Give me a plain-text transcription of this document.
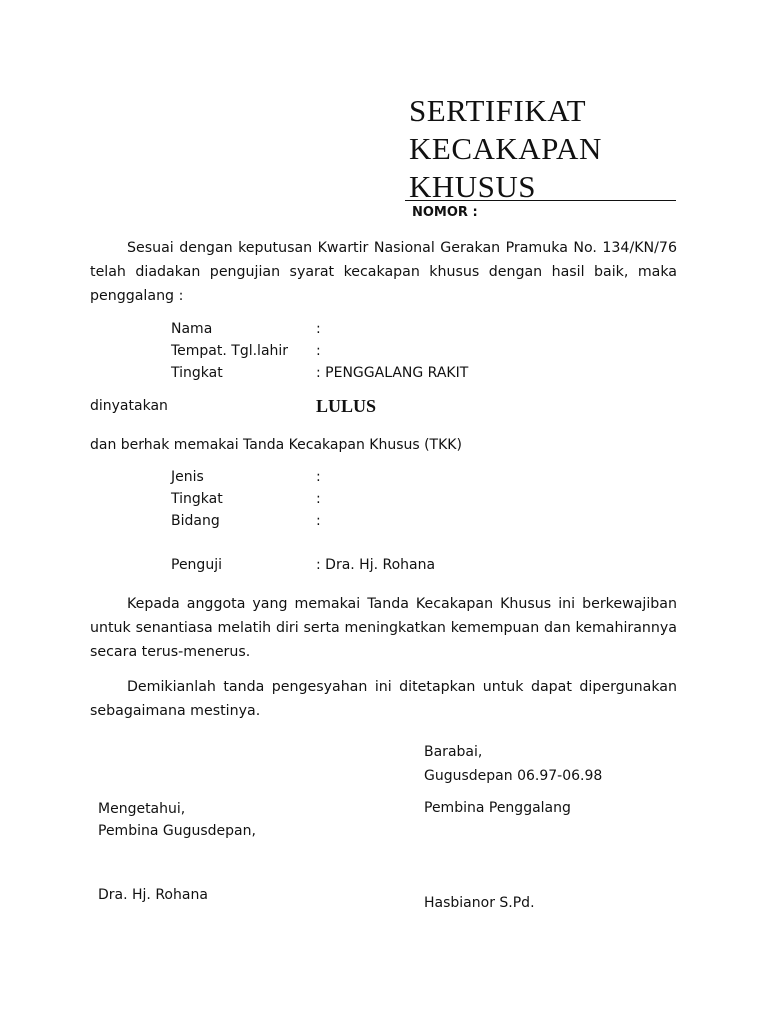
SERTIFIKAT
KECAKAPAN
KHUSUS
NOMOR :
Sesuai dengan keputusan Kwartir Nasional Gerakan Pramuka No. 134/KN/76 telah diadakan pengujian syarat kecakapan khusus dengan hasil baik, maka penggalang :
Nama	:
Tempat. Tgl.lahir :
Tingkat	: PENGGALANG RAKIT
dinyatakan	LULUS
dan berhak memakai Tanda Kecakapan Khusus (TKK)
Jenis	:
Tingkat	:
Bidang	:
Penguji	: Dra. Hj. Rohana
Kepada anggota yang memakai Tanda Kecakapan Khusus ini berkewajiban untuk senantiasa melatih diri serta meningkatkan kemempuan dan kemahirannya secara terus-menerus.
Demikianlah tanda pengesyahan ini ditetapkan untuk dapat dipergunakan sebagaimana mestinya.
Barabai,
Gugusdepan 06.97-06.98
Pembina Penggalang
Hasbianor S.Pd.
Mengetahui,
Pembina Gugusdepan,
Dra. Hj. Rohana
